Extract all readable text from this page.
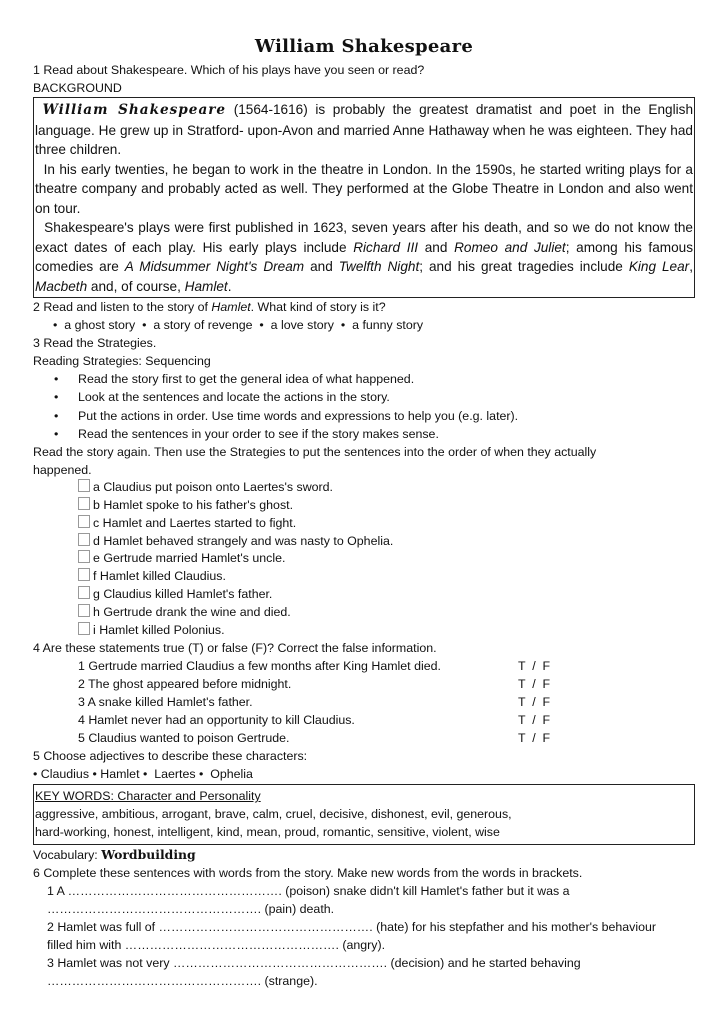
William Shakespeare
1 Read about Shakespeare. Which of his plays have you seen or read?
BACKGROUND
William Shakespeare (1564-1616) is probably the greatest dramatist and poet in the English language. He grew up in Stratford- upon-Avon and married Anne Hathaway when he was eighteen. They had three children.
In his early twenties, he began to work in the theatre in London. In the 1590s, he started writing plays for a theatre company and probably acted as well. They performed at the Globe Theatre in London and also went on tour.
Shakespeare's plays were first published in 1623, seven years after his death, and so we do not know the exact dates of each play. His early plays include Richard III and Romeo and Juliet; among his famous comedies are A Midsummer Night's Dream and Twelfth Night; and his great tragedies include King Lear, Macbeth and, of course, Hamlet.
2 Read and listen to the story of Hamlet. What kind of story is it?
• a ghost story • a story of revenge • a love story • a funny story
3 Read the Strategies.
Reading Strategies: Sequencing
•	Read the story first to get the general idea of what happened.
•	Look at the sentences and locate the actions in the story.
•	Put the actions in order. Use time words and expressions to help you (e.g. later).
•	Read the sentences in your order to see if the story makes sense.
Read the story again. Then use the Strategies to put the sentences into the order of when they actually
happened.
a Claudius put poison onto Laertes's sword.
b Hamlet spoke to his father's ghost.
c Hamlet and Laertes started to fight.
d Hamlet behaved strangely and was nasty to Ophelia.
e Gertrude married Hamlet's uncle.
f Hamlet killed Claudius.
g Claudius killed Hamlet's father.
h Gertrude drank the wine and died.
i Hamlet killed Polonius.
4 Are these statements true (T) or false (F)? Correct the false information.
1 Gertrude married Claudius a few months after King Hamlet died.	T  /  F
2 The ghost appeared before midnight.	T  /  F
3 A snake killed Hamlet's father.	T  /  F
4 Hamlet never had an opportunity to kill Claudius.	T  /  F
5 Claudius wanted to poison Gertrude.	T  /  F
5 Choose adjectives to describe these characters:
• Claudius • Hamlet • Laertes • Ophelia
KEY WORDS: Character and Personality
aggressive, ambitious, arrogant, brave, calm, cruel, decisive, dishonest, evil, generous,
hard-working, honest, intelligent, kind, mean, proud, romantic, sensitive, violent, wise
Vocabulary: Wordbuilding
6 Complete these sentences with words from the story. Make new words from the words in brackets.
1 A ……………………………………………. (poison) snake didn't kill Hamlet's father but it was a
……………………………………………. (pain) death.
2 Hamlet was full of ……………………………………………. (hate) for his stepfather and his mother's behaviour
filled him with ……………………………………………. (angry).
3 Hamlet was not very ……………………………………………. (decision) and he started behaving
……………………………………………. (strange).
